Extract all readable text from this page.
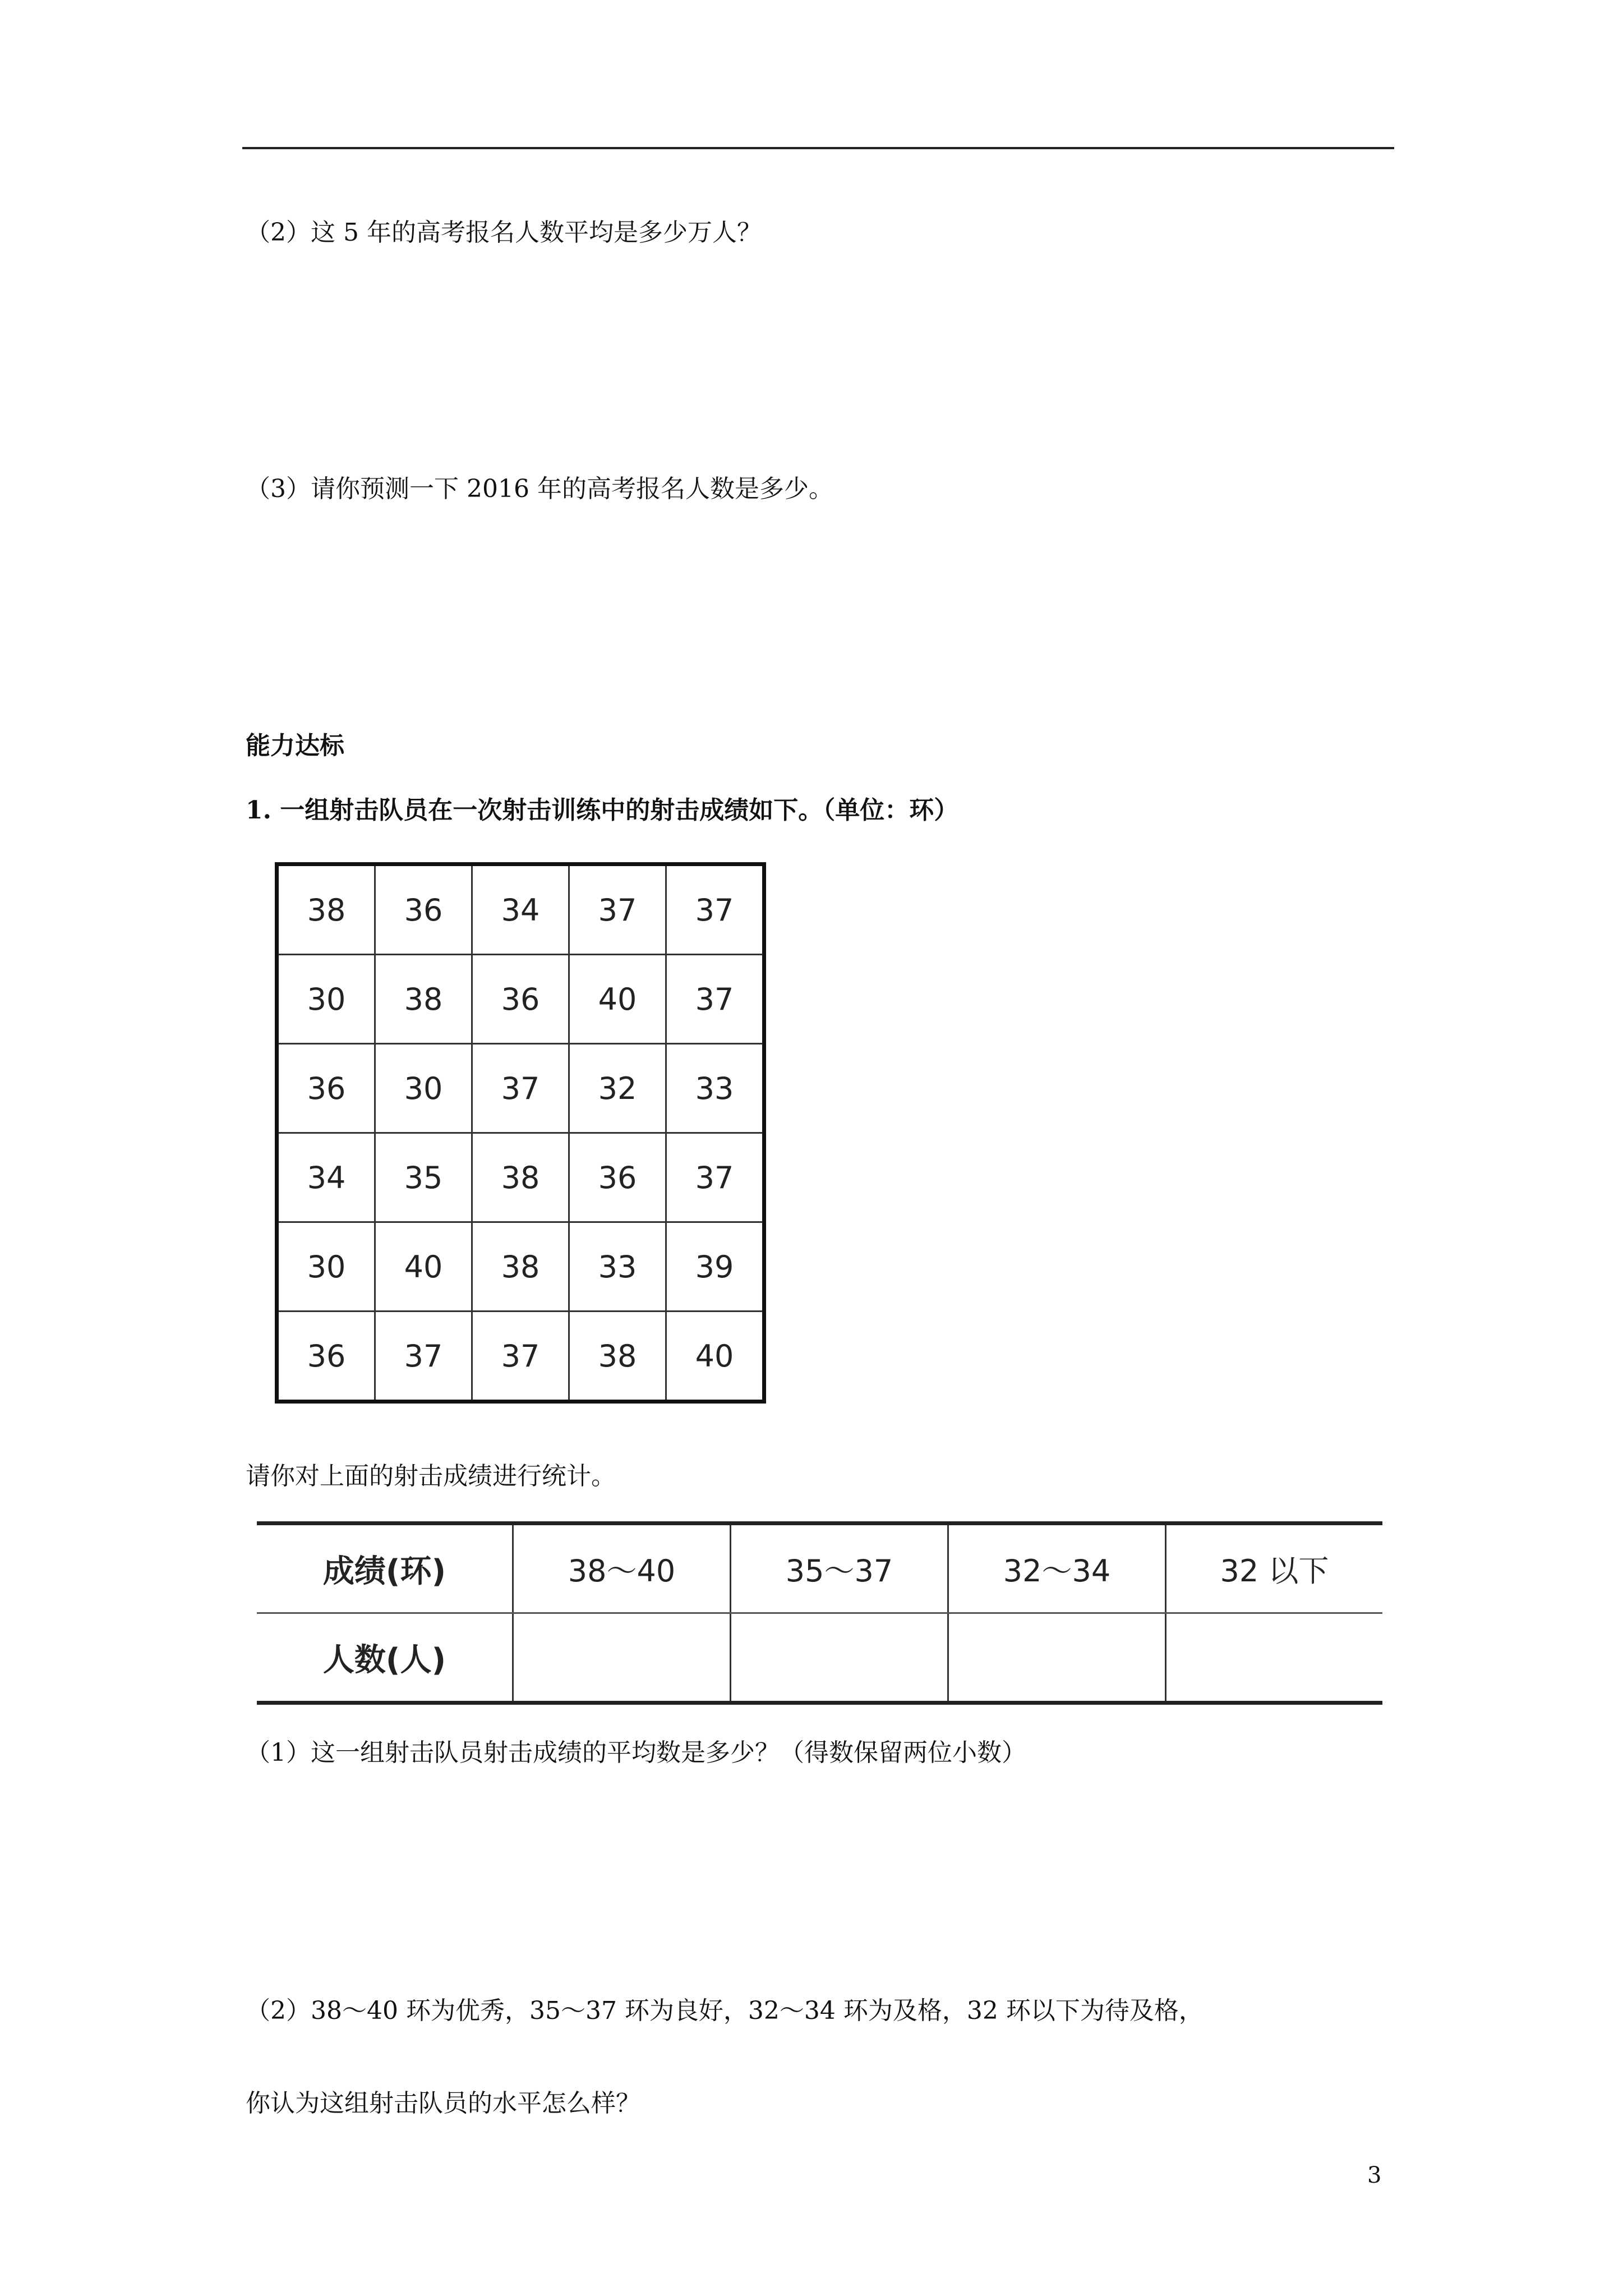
（2）这 5 年的高考报名人数平均是多少万人？
（3）请你预测一下 2016 年的高考报名人数是多少。
能力达标
1. 一组射击队员在一次射击训练中的射击成绩如下。（单位：环）
38	36	34	37	37
30	38	36	40	37
36	30	37	32	33
34	35	38	36	37
30	40	38	33	39
36	37	37	38	40
请你对上面的射击成绩进行统计。
成绩(环)	38～40	35～37	32～34	32 以下
人数(人)				
（1）这一组射击队员射击成绩的平均数是多少？（得数保留两位小数）
（2）38～40 环为优秀，35～37 环为良好，32～34 环为及格，32 环以下为待及格，
你认为这组射击队员的水平怎么样？
3
